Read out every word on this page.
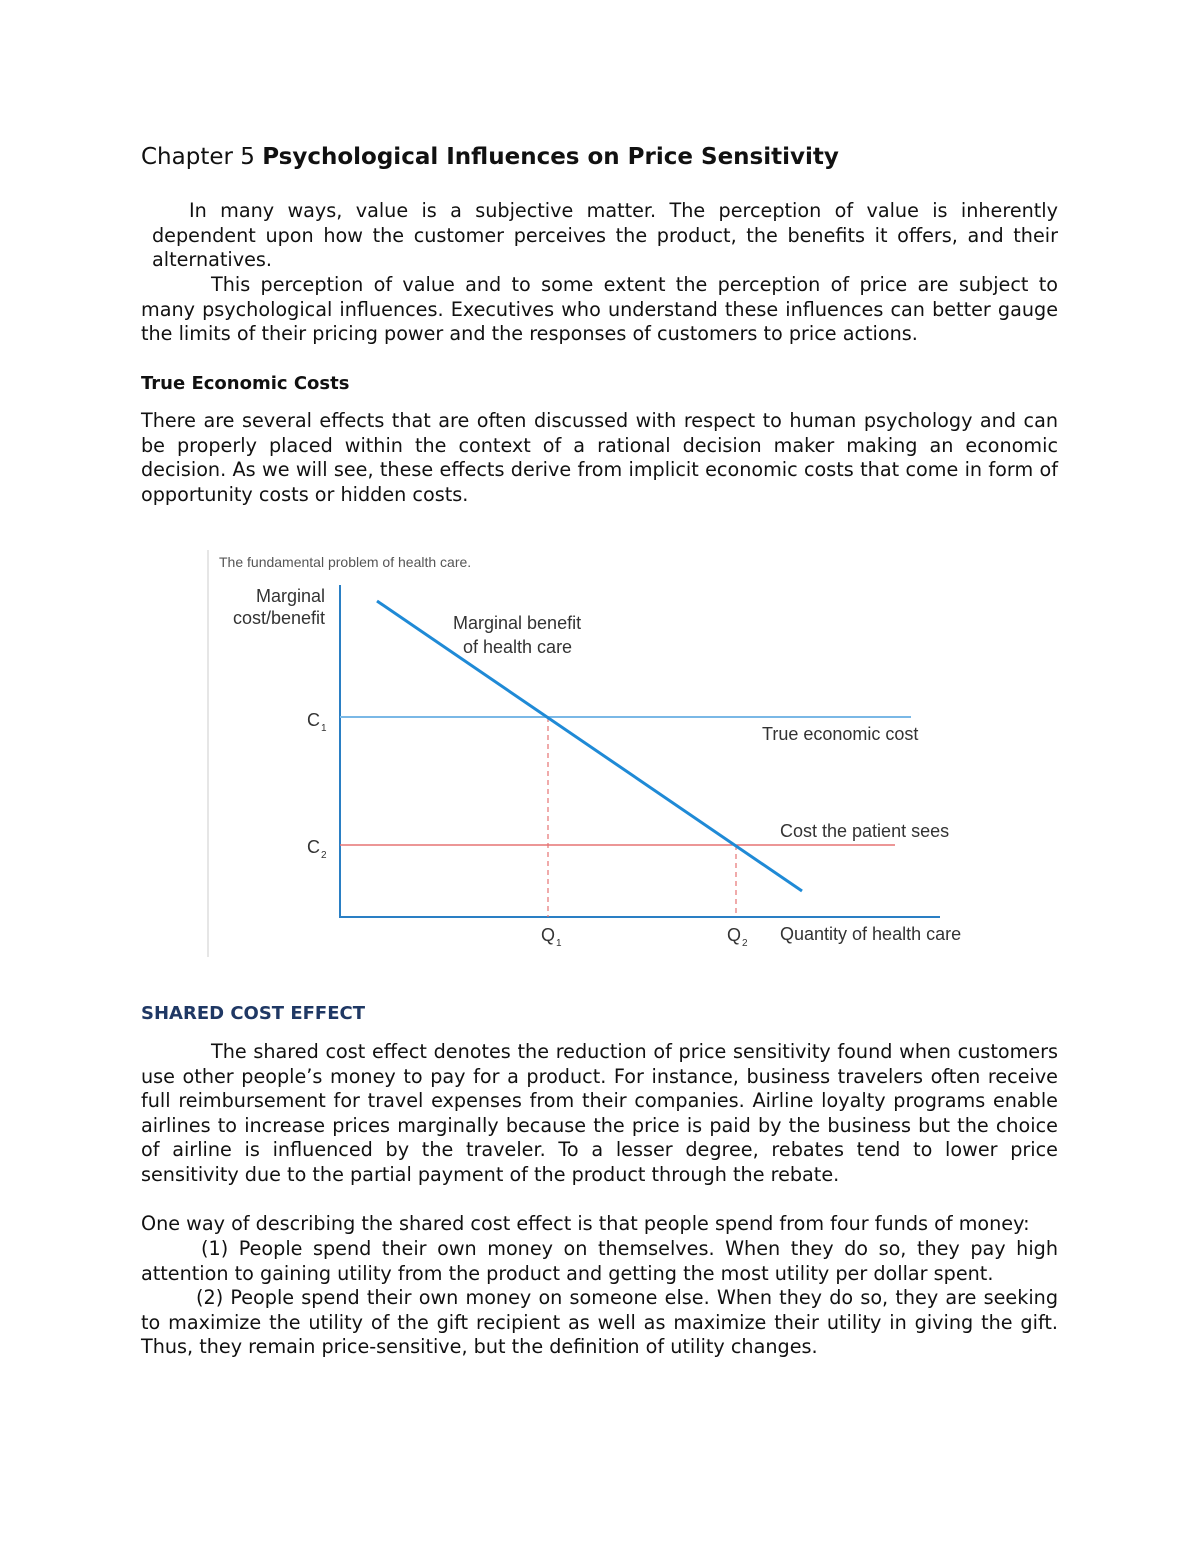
Chapter 5 Psychological Influences on Price Sensitivity

In many ways, value is a subjective matter. The perception of value is inherently dependent upon how the customer perceives the product, the benefits it offers, and their alternatives.

This perception of value and to some extent the perception of price are subject to many psychological influences. Executives who understand these influences can better gauge the limits of their pricing power and the responses of customers to price actions.

True Economic Costs

There are several effects that are often discussed with respect to human psychology and can be properly placed within the context of a rational decision maker making an economic decision. As we will see, these effects derive from implicit economic costs that come in form of opportunity costs or hidden costs.

The fundamental problem of health care.
Marginal
cost/benefit	Marginal benefit
of health care
True economic cost
Cost the patient sees
$C_1$
$C_2$
$Q_1$	$Q_2$ Quantity of health care
SHARED COST EFFECT

The shared cost effect denotes the reduction of price sensitivity found when customers use other people’s money to pay for a product. For instance, business travelers often receive full reimbursement for travel expenses from their companies. Airline loyalty programs enable airlines to increase prices marginally because the price is paid by the business but the choice of airline is influenced by the traveler. To a lesser degree, rebates tend to lower price sensitivity due to the partial payment of the product through the rebate.

One way of describing the shared cost effect is that people spend from four funds of money:

(1) People spend their own money on themselves. When they do so, they pay high attention to gaining utility from the product and getting the most utility per dollar spent.

(2) People spend their own money on someone else. When they do so, they are seeking to maximize the utility of the gift recipient as well as maximize their utility in giving the gift. Thus, they remain price-sensitive, but the definition of utility changes.
